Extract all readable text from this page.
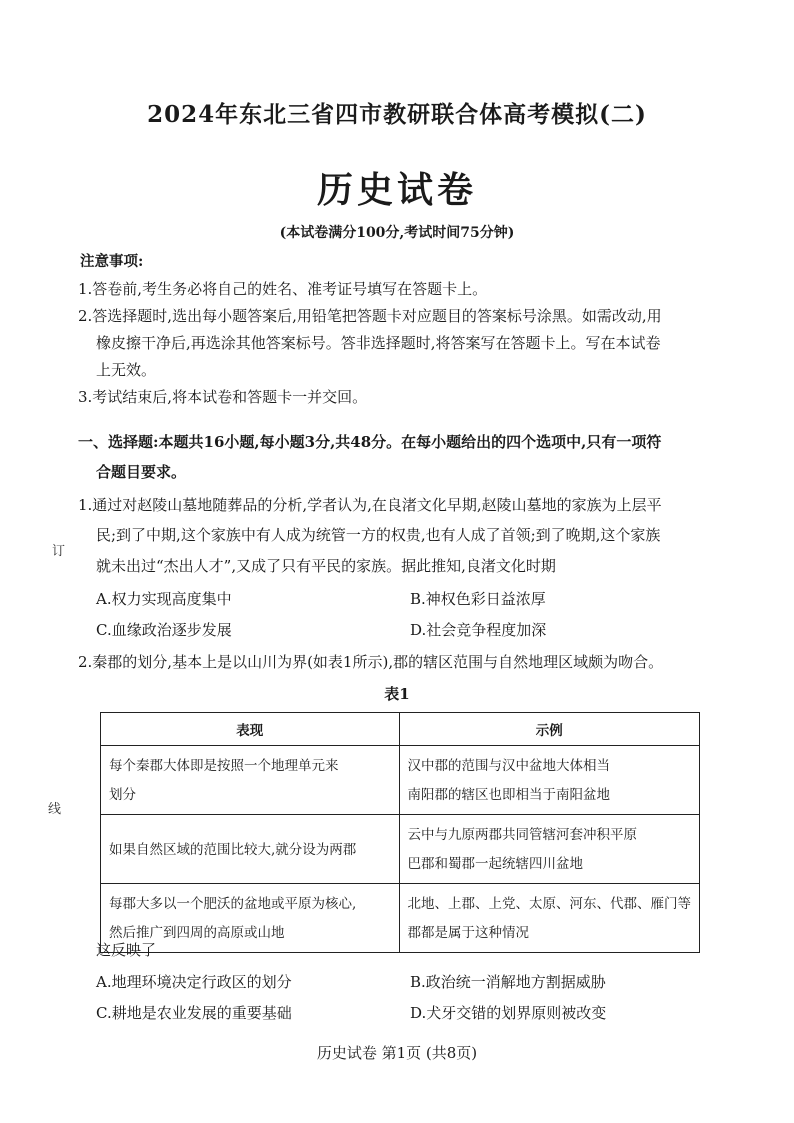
2024年东北三省四市教研联合体高考模拟(二)
历史试卷
(本试卷满分100分,考试时间75分钟)
订
线
注意事项:
1.答卷前,考生务必将自己的姓名、准考证号填写在答题卡上。
2.答选择题时,选出每小题答案后,用铅笔把答题卡对应题目的答案标号涂黑。如需改动,用
橡皮擦干净后,再选涂其他答案标号。答非选择题时,将答案写在答题卡上。写在本试卷
上无效。
3.考试结束后,将本试卷和答题卡一并交回。
一、选择题:本题共16小题,每小题3分,共48分。在每小题给出的四个选项中,只有一项符
合题目要求。
1.通过对赵陵山墓地随葬品的分析,学者认为,在良渚文化早期,赵陵山墓地的家族为上层平
民;到了中期,这个家族中有人成为统管一方的权贵,也有人成了首领;到了晚期,这个家族
就未出过“杰出人才”,又成了只有平民的家族。据此推知,良渚文化时期
A.权力实现高度集中	B.神权色彩日益浓厚
C.血缘政治逐步发展	D.社会竞争程度加深
2.秦郡的划分,基本上是以山川为界(如表1所示),郡的辖区范围与自然地理区域颇为吻合。
表1
表现	示例

每个秦郡大体即是按照一个地理单元来
划分	汉中郡的范围与汉中盆地大体相当
南阳郡的辖区也即相当于南阳盆地

如果自然区域的范围比较大,就分设为两郡	云中与九原两郡共同管辖河套冲积平原
巴郡和蜀郡一起统辖四川盆地

每郡大多以一个肥沃的盆地或平原为核心,
然后推广到四周的高原或山地	北地、上郡、上党、太原、河东、代郡、雁门等
郡都是属于这种情况
这反映了
A.地理环境决定行政区的划分	B.政治统一消解地方割据威胁
C.耕地是农业发展的重要基础	D.犬牙交错的划界原则被改变
历史试卷 第1页 (共8页)
